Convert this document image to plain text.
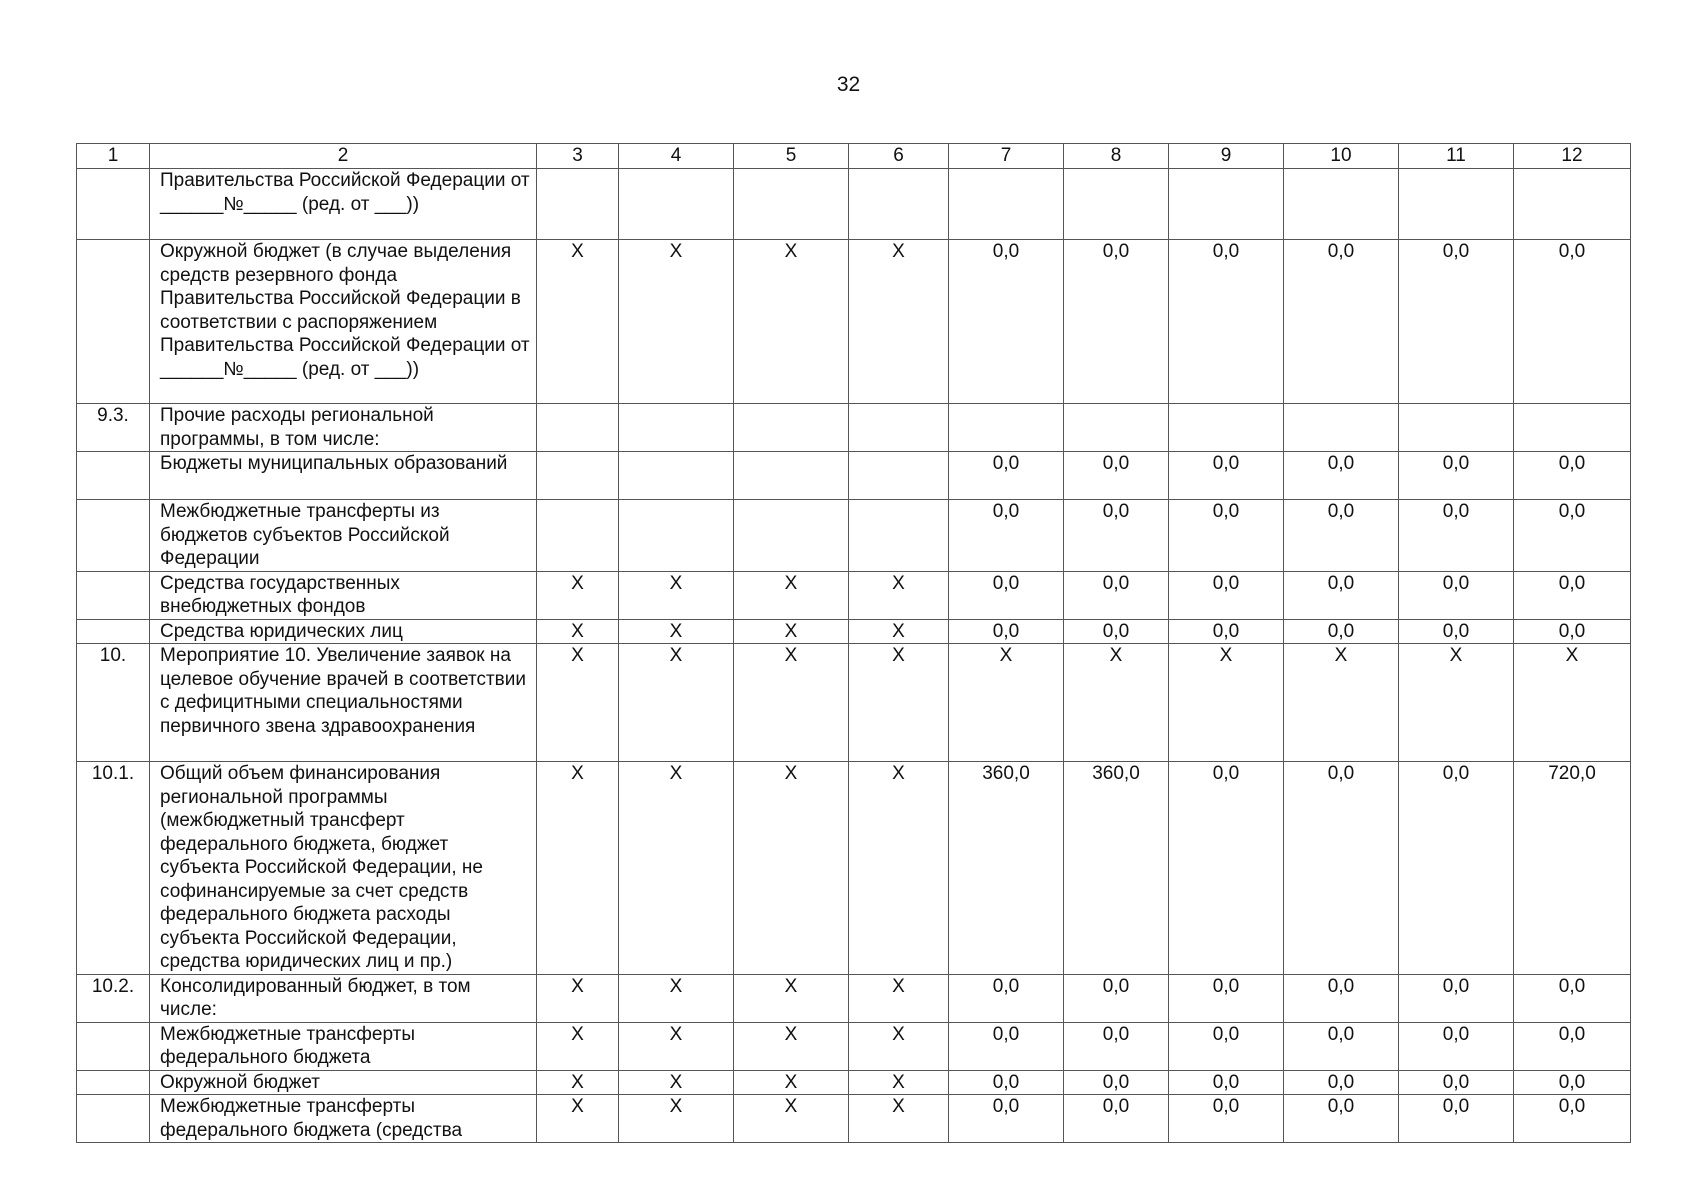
32
1	2	3	4	5	6	7	8	9	10	11	12
	Правительства Российской Федерации от ______№_____ (ред. от ___))										
	Окружной бюджет (в случае выделения средств резервного фонда Правительства Российской Федерации в соответствии с распоряжением Правительства Российской Федерации от ______№_____ (ред. от ___))	X	X	X	X	0,0	0,0	0,0	0,0	0,0	0,0
9.3.	Прочие расходы региональной программы, в том числе:										
	Бюджеты муниципальных образований					0,0	0,0	0,0	0,0	0,0	0,0
	Межбюджетные трансферты из бюджетов субъектов Российской Федерации					0,0	0,0	0,0	0,0	0,0	0,0
	Средства государственных внебюджетных фондов	X	X	X	X	0,0	0,0	0,0	0,0	0,0	0,0
	Средства юридических лиц	X	X	X	X	0,0	0,0	0,0	0,0	0,0	0,0
10.	Мероприятие 10. Увеличение заявок на целевое обучение врачей в соответствии с дефицитными специальностями первичного звена здравоохранения	X	X	X	X	X	X	X	X	X	X
10.1.	Общий объем финансирования региональной программы (межбюджетный трансферт федерального бюджета, бюджет субъекта Российской Федерации, не софинансируемые за счет средств федерального бюджета расходы субъекта Российской Федерации, средства юридических лиц и пр.)	X	X	X	X	360,0	360,0	0,0	0,0	0,0	720,0
10.2.	Консолидированный бюджет, в том числе:	X	X	X	X	0,0	0,0	0,0	0,0	0,0	0,0
	Межбюджетные трансферты федерального бюджета	X	X	X	X	0,0	0,0	0,0	0,0	0,0	0,0
	Окружной бюджет	X	X	X	X	0,0	0,0	0,0	0,0	0,0	0,0
	Межбюджетные трансферты федерального бюджета (средства	X	X	X	X	0,0	0,0	0,0	0,0	0,0	0,0
